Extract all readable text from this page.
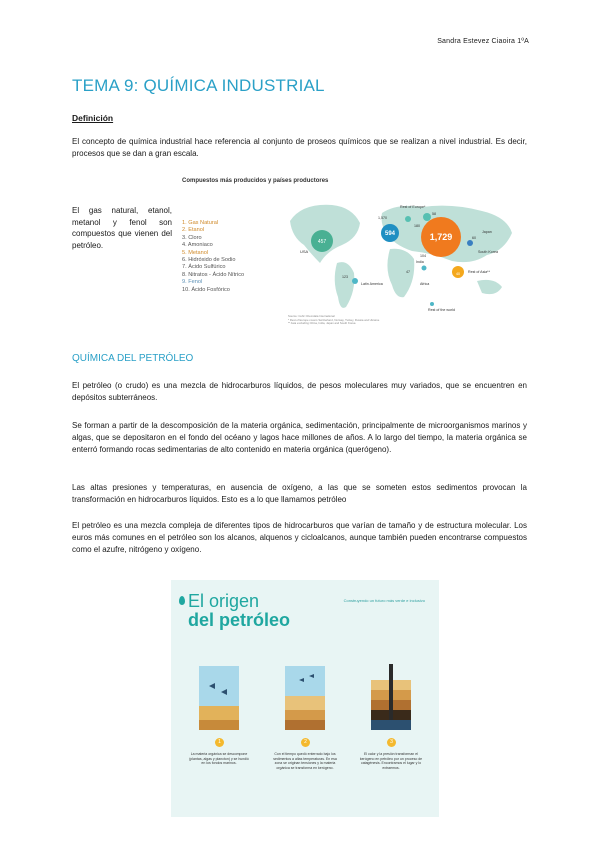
Sandra Estevez Ciaoira 1ºA
TEMA 9: QUÍMICA INDUSTRIAL
Definición
El concepto de química industrial hace referencia al conjunto de proseos químicos que se realizan a nivel industrial. Es decir, procesos que se dan a gran escala.
El gas natural, etanol, metanol y fenol son compuestos que vienen del petróleo.
Compuestos más producidos y países productores
1. Gas Natural
2. Etanol
3. Cloro
4. Amoniaco
5. Metanol
6. Hidróxido de Sodio
7. Ácido Sulfúrico
8. Nitratos - Ácido Nítrico
9. Fenol
10. Ácido Fosfórico
457
594	1,729
USA
Rest of Europe*
Japan
South Korea
Rest of Asia**
Africa
Latin America
Rest of the world
India
180
104
47
123
60
40
58
1,570
Source: Cefic Chemdata International
* Rest of Europe covers Switzerland, Norway, Turkey, Russia and Ukraine
** Asia excluding China, India, Japan and South Korea
QUÍMICA DEL PETRÓLEO
El petróleo (o crudo) es una mezcla de hidrocarburos líquidos, de pesos moleculares muy variados, que se encuentren en depósitos subterráneos.
Se forman a partir de la descomposición de la materia orgánica, sedimentación, principalmente de microorganismos marinos y algas, que se depositaron en el fondo del océano y lagos hace millones de años. A lo largo del tiempo, la materia orgánica se enterró formando rocas sedimentarias de alto contenido en materia orgánica (querógeno).
Las altas presiones y temperaturas, en ausencia de oxígeno, a las que se someten estos sedimentos provocan la transformación en hidrocarburos líquidos. Esto es a lo que llamamos petróleo
El petróleo es una mezcla compleja de diferentes tipos de hidrocarburos que varían de tamaño y de estructura molecular. Los euros más comunes en el petróleo son los alcanos, alquenos y cicloalcanos, aunque también pueden encontrarse compuestos como el azufre, nitrógeno y oxígeno.
El origen
del petróleo
Construyendo un futuro más verde e inclusivo
1	2	3
La materia orgánica se descompone (plantas, algas y plancton) y se hundió en los fondos marinos.
Con el tiempo quedó enterrado bajo los sedimentos a altas temperaturas. En esa zona se originan tensiones y la materia orgánica se transforma en kerógeno.
El calor y la presión transforman el kerógeno en petróleo por un proceso de catagénesis. Encontramos el lugar y lo extraemos.
